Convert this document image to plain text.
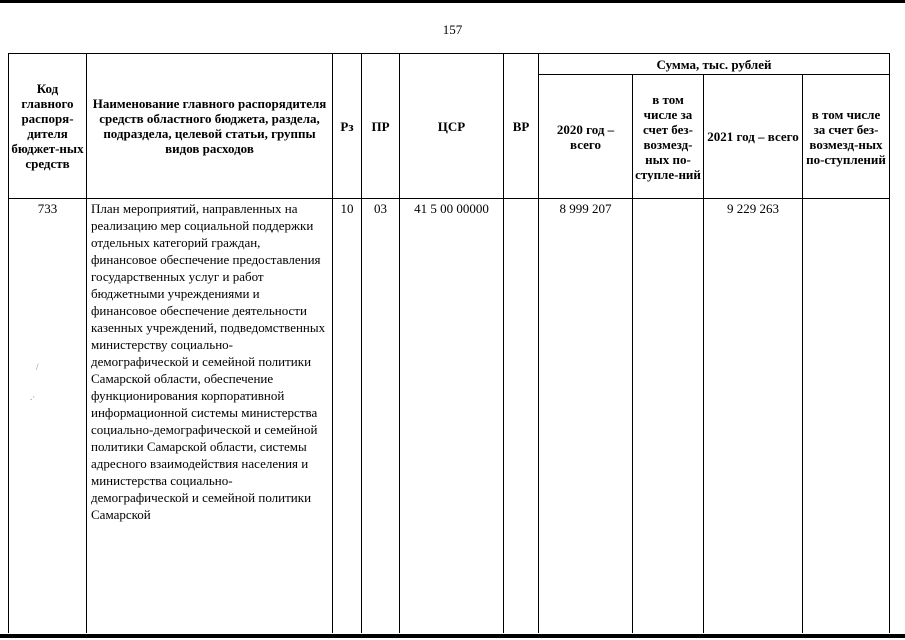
157
Код главного распоря-дителя бюджет-ных средств	Наименование главного распорядителя средств областного бюджета, раздела, подраздела, целевой статьи, группы видов расходов	Рз	ПР	ЦСР	ВР	Сумма, тыс. рублей			
						2020 год – всего	в том числе за счет без-возмезд-ных по-ступле-ний	2021 год – всего	в том числе за счет без-возмезд-ных по-ступлений
733	План мероприятий, направленных на реализацию мер социальной поддержки отдельных категорий граждан, финансовое обеспечение предоставления государственных услуг и работ бюджетными учреждениями и финансовое обеспечение деятельности казенных учреждений, подведомственных министерству социально-демографической и семейной политики Самарской области, обеспечение функционирования корпоративной информационной системы министерства социально-демографической и семейной политики Самарской области, системы адресного взаимодействия населения и министерства социально-демографической и семейной политики Самарской	10	03	41 5 00 00000		8 999 207		9 229 263	
/
.·
